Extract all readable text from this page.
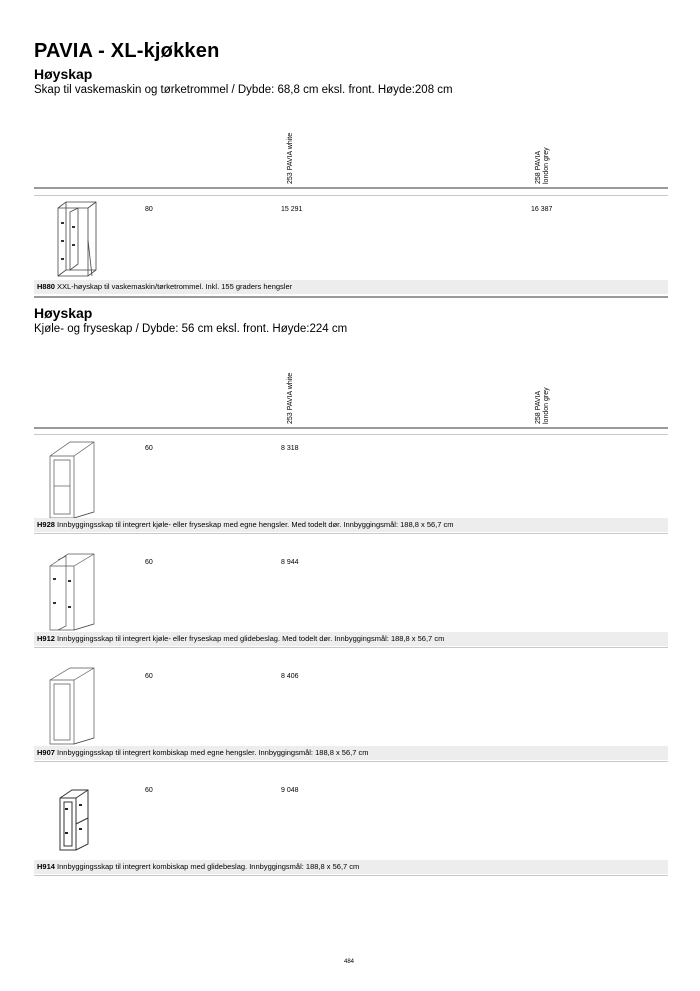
PAVIA - XL-kjøkken
Høyskap
Skap til vaskemaskin og tørketrommel / Dybde: 68,8 cm eksl. front. Høyde:208 cm
253 PAVIA white	258 PAVIA
london grey
80	15 291	16 387
H880 XXL-høyskap til vaskemaskin/tørketrommel. Inkl. 155 graders hengsler
Høyskap
Kjøle- og fryseskap / Dybde: 56 cm eksl. front. Høyde:224 cm
253 PAVIA white	258 PAVIA
london grey
60	8 318
H928 Innbyggingsskap til integrert kjøle- eller fryseskap med egne hengsler. Med todelt dør. Innbyggingsmål: 188,8 x 56,7 cm
60	8 944
H912 Innbyggingsskap til integrert kjøle- eller fryseskap med glidebeslag. Med todelt dør. Innbyggingsmål: 188,8 x 56,7 cm
60	8 406
H907 Innbyggingsskap til integrert kombiskap med egne hengsler. Innbyggingsmål: 188,8 x 56,7 cm
60	9 048
H914 Innbyggingsskap til integrert kombiskap med glidebeslag. Innbyggingsmål: 188,8 x 56,7 cm
484
